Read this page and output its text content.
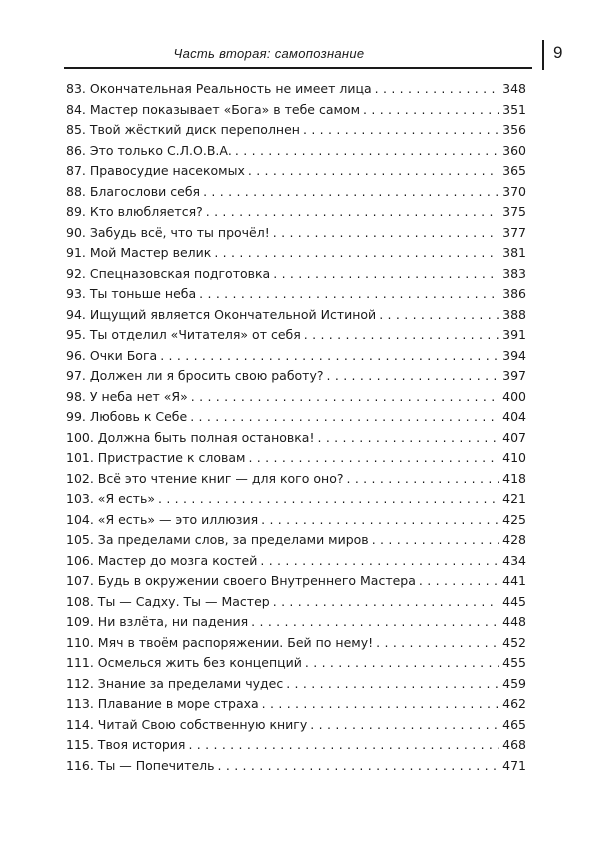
Часть вторая: самопознание	9
83. Окончательная Реальность не имеет лица . . .	348
84. Мастер показывает «Бога» в тебе самом . . .	351
85. Твой жёсткий диск переполнен . . .	356
86. Это только С.Л.О.В.А. . . .	360
87. Правосудие насекомых . . .	365
88. Благослови себя . . .	370
89. Кто влюбляется? . . .	375
90. Забудь всё, что ты прочёл! . . .	377
91. Мой Мастер велик . . .	381
92. Спецназовская подготовка . . .	383
93. Ты тоньше неба . . .	386
94. Ищущий является Окончательной Истиной . . .	388
95. Ты отделил «Читателя» от себя . . .	391
96. Очки Бога . . .	394
97. Должен ли я бросить свою работу? . . .	397
98. У неба нет «Я» . . .	400
99. Любовь к Себе . . .	404
100. Должна быть полная остановка! . . .	407
101. Пристрастие к словам . . .	410
102. Всё это чтение книг — для кого оно? . . .	418
103. «Я есть» . . .	421
104. «Я есть» — это иллюзия . . .	425
105. За пределами слов, за пределами миров . . .	428
106. Мастер до мозга костей . . .	434
107. Будь в окружении своего Внутреннего Мастера . . .	441
108. Ты — Садху. Ты — Мастер . . .	445
109. Ни взлёта, ни падения . . .	448
110. Мяч в твоём распоряжении. Бей по нему! . . .	452
111. Осмелься жить без концепций . . .	455
112. Знание за пределами чудес . . .	459
113. Плавание в море страха . . .	462
114. Читай Свою собственную книгу . . .	465
115. Твоя история . . .	468
116. Ты — Попечитель . . .	471
